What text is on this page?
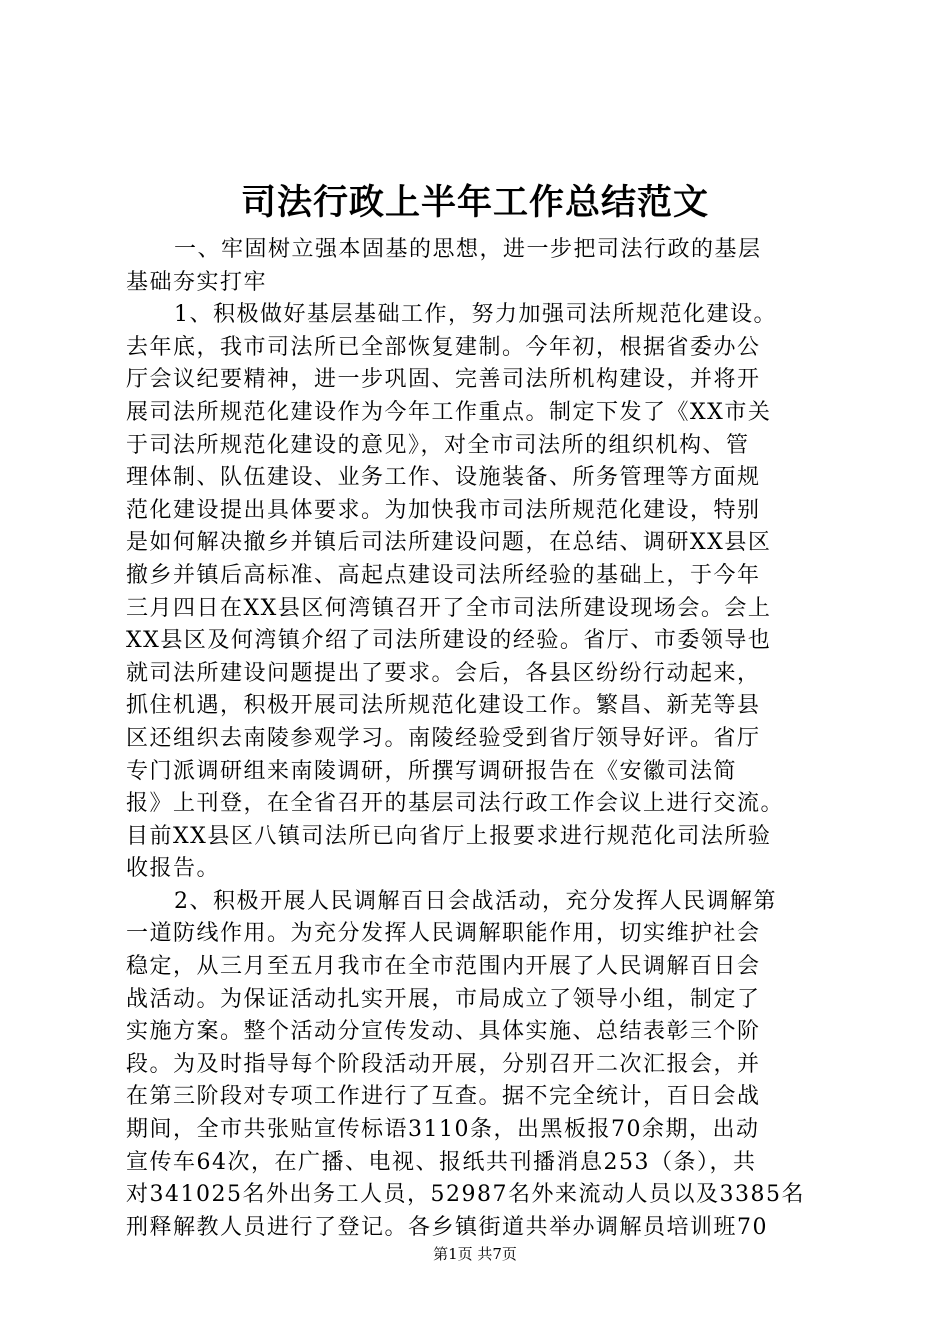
司法行政上半年工作总结范文
一、牢固树立强本固基的思想，进一步把司法行政的基层
基础夯实打牢
1、积极做好基层基础工作，努力加强司法所规范化建设。
去年底，我市司法所已全部恢复建制。今年初，根据省委办公
厅会议纪要精神，进一步巩固、完善司法所机构建设，并将开
展司法所规范化建设作为今年工作重点。制定下发了《XX市关
于司法所规范化建设的意见》，对全市司法所的组织机构、管
理体制、队伍建设、业务工作、设施装备、所务管理等方面规
范化建设提出具体要求。为加快我市司法所规范化建设，特别
是如何解决撤乡并镇后司法所建设问题，在总结、调研XX县区
撤乡并镇后高标准、高起点建设司法所经验的基础上，于今年
三月四日在XX县区何湾镇召开了全市司法所建设现场会。会上
XX县区及何湾镇介绍了司法所建设的经验。省厅、市委领导也
就司法所建设问题提出了要求。会后，各县区纷纷行动起来，
抓住机遇，积极开展司法所规范化建设工作。繁昌、新芜等县
区还组织去南陵参观学习。南陵经验受到省厅领导好评。省厅
专门派调研组来南陵调研，所撰写调研报告在《安徽司法简
报》上刊登，在全省召开的基层司法行政工作会议上进行交流。
目前XX县区八镇司法所已向省厅上报要求进行规范化司法所验
收报告。
2、积极开展人民调解百日会战活动，充分发挥人民调解第
一道防线作用。为充分发挥人民调解职能作用，切实维护社会
稳定，从三月至五月我市在全市范围内开展了人民调解百日会
战活动。为保证活动扎实开展，市局成立了领导小组，制定了
实施方案。整个活动分宣传发动、具体实施、总结表彰三个阶
段。为及时指导每个阶段活动开展，分别召开二次汇报会，并
在第三阶段对专项工作进行了互查。据不完全统计，百日会战
期间，全市共张贴宣传标语3110条，出黑板报70余期，出动
宣传车64次，在广播、电视、报纸共刊播消息253（条），共
对341025名外出务工人员，52987名外来流动人员以及3385名
刑释解教人员进行了登记。各乡镇街道共举办调解员培训班70
第1页 共7页
